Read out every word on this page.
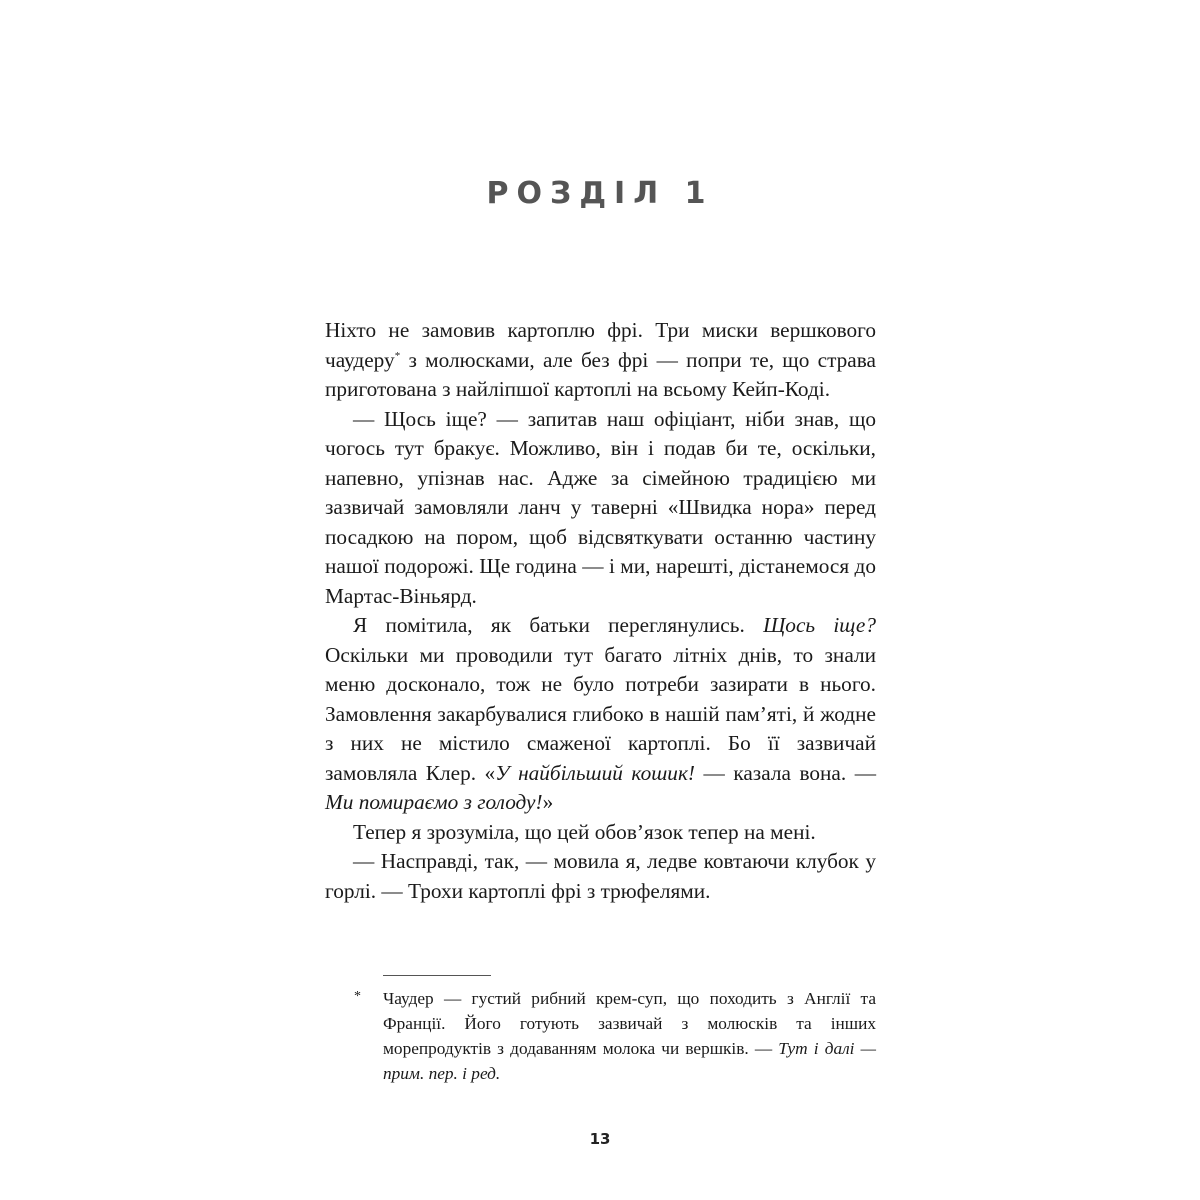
РОЗДІЛ 1

Ніхто не замовив картоплю фрі. Три миски вершкового чаудеру* з молюсками, але без фрі — попри те, що страва приготована з найліпшої картоплі на всьому Кейп-Коді.

— Щось іще? — запитав наш офіціант, ніби знав, що чогось тут бракує. Можливо, він і подав би те, оскільки, напевно, упізнав нас. Адже за сімейною традицією ми зазвичай замовляли ланч у таверні «Швидка нора» перед посадкою на пором, щоб відсвяткувати останню частину нашої подорожі. Ще година — і ми, нарешті, дістанемося до Мартас-Віньярд.

Я помітила, як батьки переглянулись. Щось іще? Оскільки ми проводили тут багато літніх днів, то знали меню досконало, тож не було потреби зазирати в нього. Замовлення закарбувалися глибоко в нашій пам’яті, й жодне з них не містило смаженої картоплі. Бо її зазвичай замовляла Клер. «У найбільший кошик! — казала вона. — Ми помираємо з голоду!»

Тепер я зрозуміла, що цей обов’язок тепер на мені.

— Насправді, так, — мовила я, ледве ковтаючи клубок у горлі. — Трохи картоплі фрі з трюфелями.

* Чаудер — густий рибний крем-суп, що походить з Англії та Франції. Його готують зазвичай з молюсків та інших морепродуктів з додаванням молока чи вершків. — Тут і далі — прим. пер. і ред.
13
